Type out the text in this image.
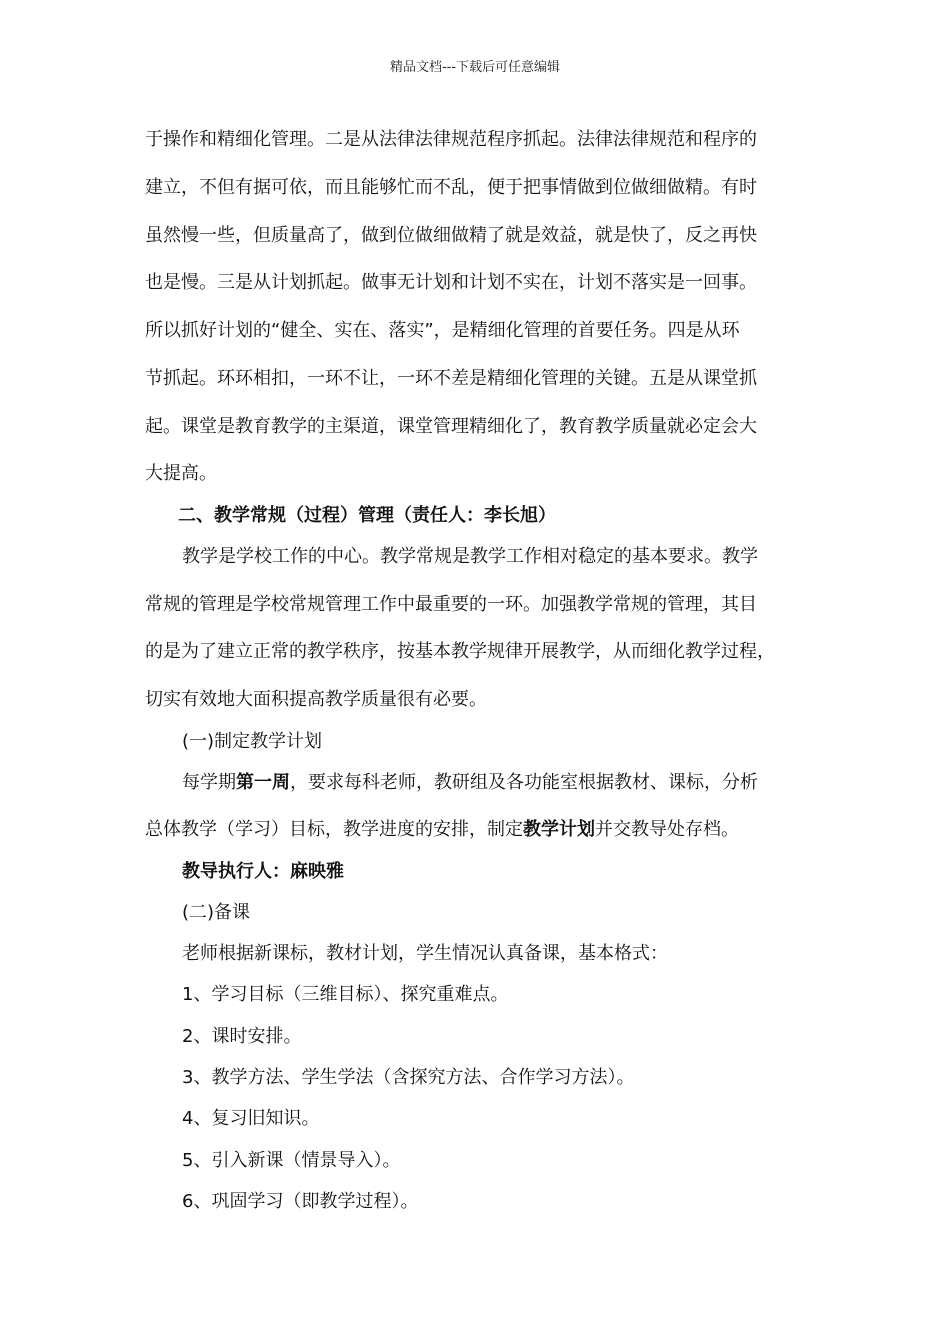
精品文档---下载后可任意编辑
于操作和精细化管理。二是从法律法律规范程序抓起。法律法律规范和程序的
建立，不但有据可依，而且能够忙而不乱，便于把事情做到位做细做精。有时
虽然慢一些，但质量高了，做到位做细做精了就是效益，就是快了，反之再快
也是慢。三是从计划抓起。做事无计划和计划不实在，计划不落实是一回事。
所以抓好计划的“健全、实在、落实”，是精细化管理的首要任务。四是从环
节抓起。环环相扣，一环不让，一环不差是精细化管理的关键。五是从课堂抓
起。课堂是教育教学的主渠道，课堂管理精细化了，教育教学质量就必定会大
大提高。
二、教学常规（过程）管理（责任人：李长旭）
教学是学校工作的中心。教学常规是教学工作相对稳定的基本要求。教学
常规的管理是学校常规管理工作中最重要的一环。加强教学常规的管理，其目
的是为了建立正常的教学秩序，按基本教学规律开展教学，从而细化教学过程，
切实有效地大面积提高教学质量很有必要。
(一)制定教学计划
每学期第一周，要求每科老师，教研组及各功能室根据教材、课标，分析
总体教学（学习）目标，教学进度的安排，制定教学计划并交教导处存档。
教导执行人：麻映雅
(二)备课
老师根据新课标，教材计划，学生情况认真备课，基本格式：
1、学习目标（三维目标）、探究重难点。
2、课时安排。
3、教学方法、学生学法（含探究方法、合作学习方法）。
4、复习旧知识。
5、引入新课（情景导入）。
6、巩固学习（即教学过程）。
